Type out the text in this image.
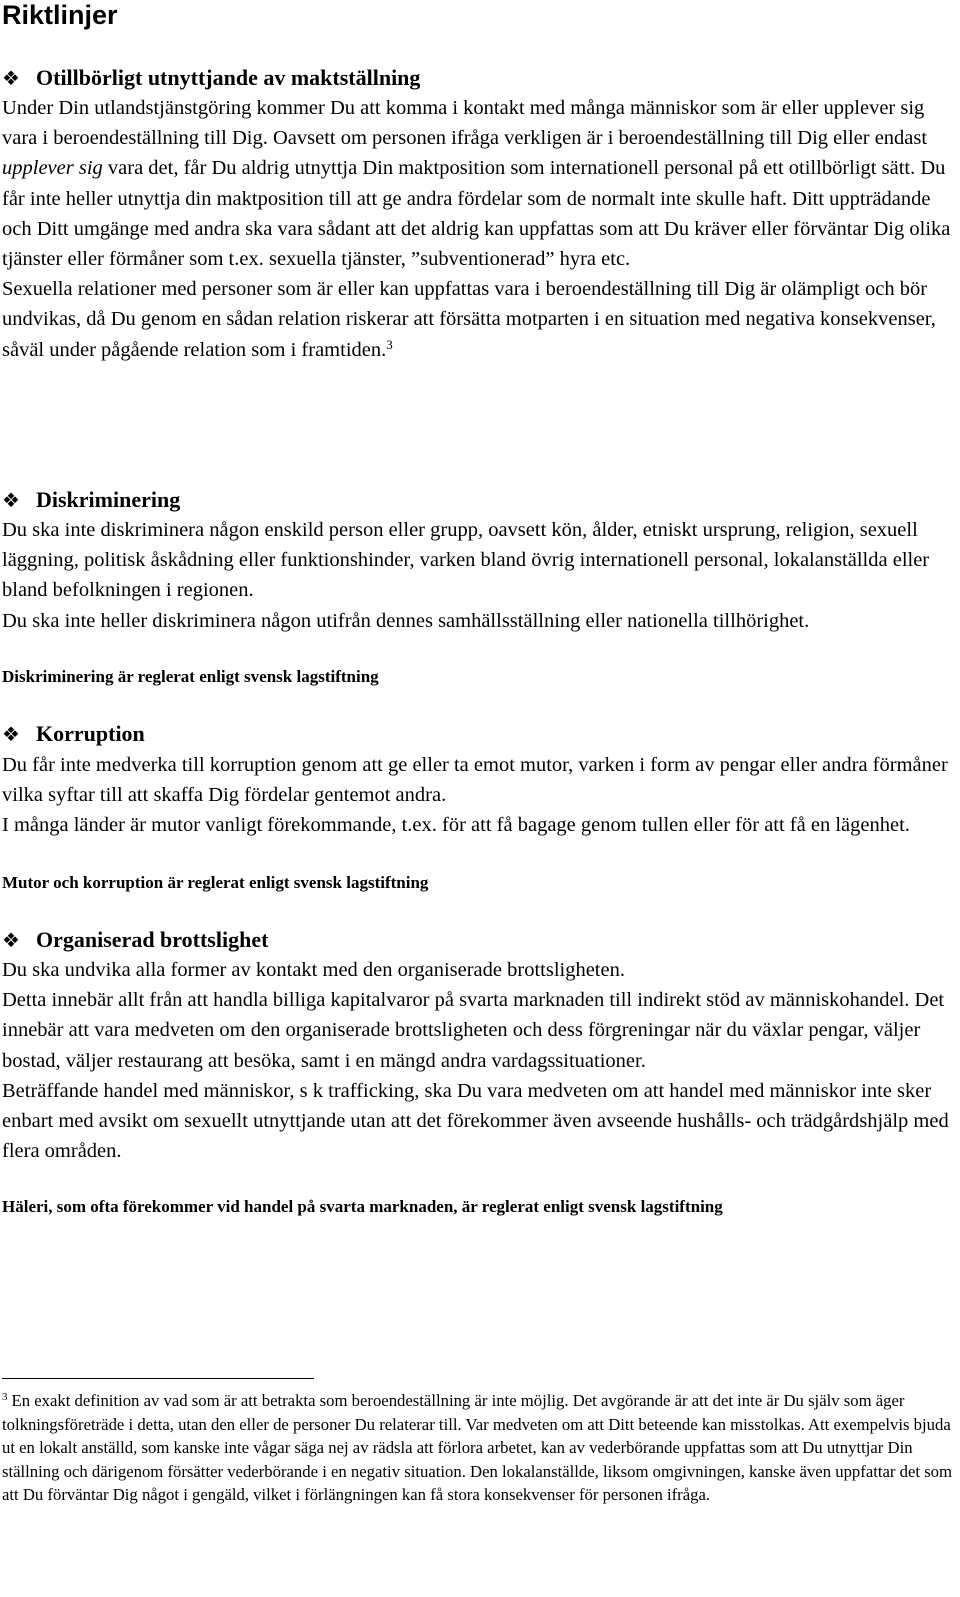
Riktlinjer
❖ Otillbörligt utnyttjande av maktställning

Under Din utlandstjänstgöring kommer Du att komma i kontakt med många människor som är eller upplever sig vara i beroendeställning till Dig. Oavsett om personen ifråga verkligen är i beroendeställning till Dig eller endast upplever sig vara det, får Du aldrig utnyttja Din maktposition som internationell personal på ett otillbörligt sätt. Du får inte heller utnyttja din maktposition till att ge andra fördelar som de normalt inte skulle haft. Ditt uppträdande och Ditt umgänge med andra ska vara sådant att det aldrig kan uppfattas som att Du kräver eller förväntar Dig olika tjänster eller förmåner som t.ex. sexuella tjänster, ”subventionerad” hyra etc.

Sexuella relationer med personer som är eller kan uppfattas vara i beroendeställning till Dig är olämpligt och bör undvikas, då Du genom en sådan relation riskerar att försätta motparten i en situation med negativa konsekvenser, såväl under pågående relation som i framtiden.$^3$

❖ Diskriminering

Du ska inte diskriminera någon enskild person eller grupp, oavsett kön, ålder, etniskt ursprung, religion, sexuell läggning, politisk åskådning eller funktionshinder, varken bland övrig internationell personal, lokalanställda eller bland befolkningen i regionen.

Du ska inte heller diskriminera någon utifrån dennes samhällsställning eller nationella tillhörighet.

Diskriminering är reglerat enligt svensk lagstiftning
❖ Korruption

Du får inte medverka till korruption genom att ge eller ta emot mutor, varken i form av pengar eller andra förmåner vilka syftar till att skaffa Dig fördelar gentemot andra.

I många länder är mutor vanligt förekommande, t.ex. för att få bagage genom tullen eller för att få en lägenhet.

Mutor och korruption är reglerat enligt svensk lagstiftning
❖ Organiserad brottslighet

Du ska undvika alla former av kontakt med den organiserade brottsligheten.

Detta innebär allt från att handla billiga kapitalvaror på svarta marknaden till indirekt stöd av människohandel. Det innebär att vara medveten om den organiserade brottsligheten och dess förgreningar när du växlar pengar, väljer bostad, väljer restaurang att besöka, samt i en mängd andra vardagssituationer.

Beträffande handel med människor, s k trafficking, ska Du vara medveten om att handel med människor inte sker enbart med avsikt om sexuellt utnyttjande utan att det förekommer även avseende hushålls- och trädgårdshjälp med flera områden.

Häleri, som ofta förekommer vid handel på svarta marknaden, är reglerat enligt svensk lagstiftning
$^3$ En exakt definition av vad som är att betrakta som beroendeställning är inte möjlig. Det avgörande är att det inte är Du själv som äger tolkningsföreträde i detta, utan den eller de personer Du relaterar till. Var medveten om att Ditt beteende kan misstolkas. Att exempelvis bjuda ut en lokalt anställd, som kanske inte vågar säga nej av rädsla att förlora arbetet, kan av vederbörande uppfattas som att Du utnyttjar Din ställning och därigenom försätter vederbörande i en negativ situation. Den lokalanställde, liksom omgivningen, kanske även uppfattar det som att Du förväntar Dig något i gengäld, vilket i förlängningen kan få stora konsekvenser för personen ifråga.
